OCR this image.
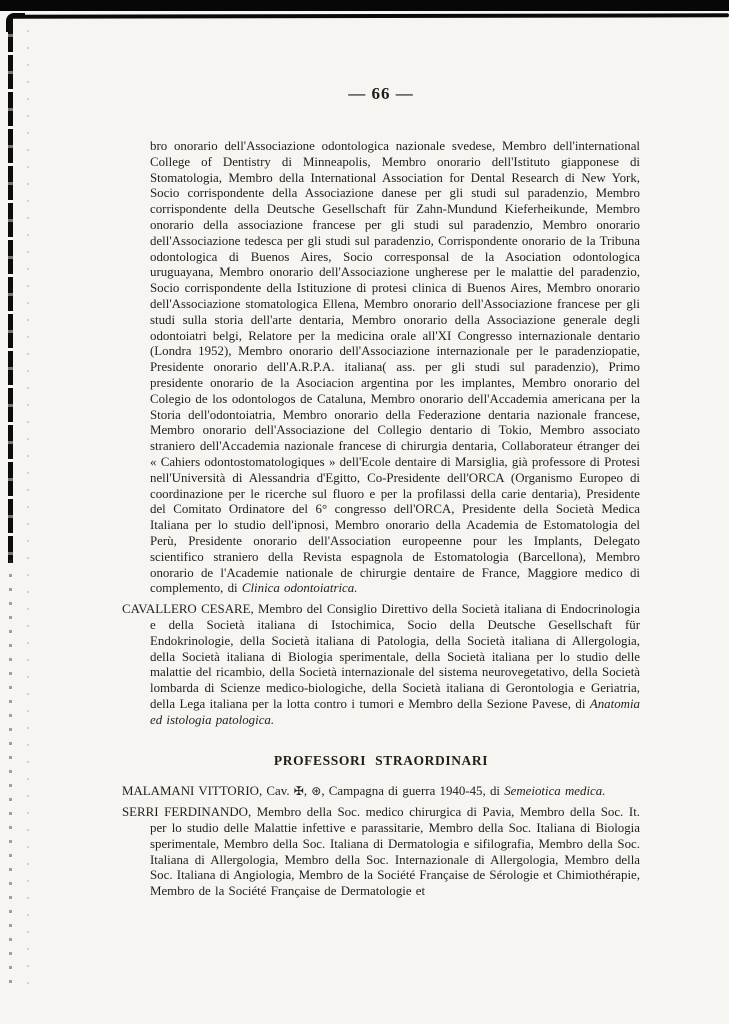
— 66 —

bro onorario dell'Associazione odontologica nazionale svedese, Membro dell'international College of Dentistry di Minneapolis, Membro onorario dell'Istituto giapponese di Stomatologia, Membro della International Association for Dental Research di New York, Socio corrispondente della Associazione danese per gli studi sul paradenzio, Membro corrispondente della Deutsche Gesellschaft für Zahn-Mundund Kieferheikunde, Membro onorario della associazione francese per gli studi sul paradenzio, Membro onorario dell'Associazione tedesca per gli studi sul paradenzio, Corrispondente onorario de la Tribuna odontologica di Buenos Aires, Socio corresponsal de la Asociation odontologica uruguayana, Membro onorario dell'Associazione ungherese per le malattie del paradenzio, Socio corrispondente della Istituzione di protesi clinica di Buenos Aires, Membro onorario dell'Associazione stomatologica Ellena, Membro onorario dell'Associazione francese per gli studi sulla storia dell'arte dentaria, Membro onorario della Associazione generale degli odontoiatri belgi, Relatore per la medicina orale all'XI Congresso internazionale dentario (Londra 1952), Membro onorario dell'Associazione internazionale per le paradenziopatie, Presidente onorario dell'A.R.P.A. italiana( ass. per gli studi sul paradenzio), Primo presidente onorario de la Asociacion argentina por les implantes, Membro onorario del Colegio de los odontologos de Cataluna, Membro onorario dell'Accademia americana per la Storia dell'odontoiatria, Membro onorario della Federazione dentaria nazionale francese, Membro onorario dell'Associazione del Collegio dentario di Tokio, Membro associato straniero dell'Accademia nazionale francese di chirurgia dentaria, Collaborateur étranger dei « Cahiers odontostomatologiques » dell'Ecole dentaire di Marsiglia, già professore di Protesi nell'Università di Alessandria d'Egitto, Co-Presidente dell'ORCA (Organismo Europeo di coordinazione per le ricerche sul fluoro e per la profilassi della carie dentaria), Presidente del Comitato Ordinatore del 6° congresso dell'ORCA, Presidente della Società Medica Italiana per lo studio dell'ipnosi, Membro onorario della Academia de Estomatologia del Perù, Presidente onorario dell'Association europeenne pour les Implants, Delegato scientifico straniero della Revista espagnola de Estomatologia (Barcellona), Membro onorario de l'Academie nationale de chirurgie dentaire de France, Maggiore medico di complemento, di Clinica odontoiatrica.

CAVALLERO CESARE, Membro del Consiglio Direttivo della Società italiana di Endocrinologia e della Società italiana di Istochimica, Socio della Deutsche Gesellschaft für Endokrinologie, della Società italiana di Patologia, della Società italiana di Allergologia, della Società italiana di Biologia sperimentale, della Società italiana per lo studio delle malattie del ricambio, della Società internazionale del sistema neurovegetativo, della Società lombarda di Scienze medico-biologiche, della Società italiana di Gerontologia e Geriatria, della Lega italiana per la lotta contro i tumori e Membro della Sezione Pavese, di Anatomia ed istologia patologica.

PROFESSORI STRAORDINARI

MALAMANI VITTORIO, Cav. ✠, ⊛, Campagna di guerra 1940-45, di Semeiotica medica.

SERRI FERDINANDO, Membro della Soc. medico chirurgica di Pavia, Membro della Soc. It. per lo studio delle Malattie infettive e parassitarie, Membro della Soc. Italiana di Biologia sperimentale, Membro della Soc. Italiana di Dermatologia e sifilografia, Membro della Soc. Italiana di Allergologia, Membro della Soc. Internazionale di Allergologia, Membro della Soc. Italiana di Angiologia, Membro de la Société Française de Sérologie et Chimiothérapie, Membro de la Société Française de Dermatologie et
